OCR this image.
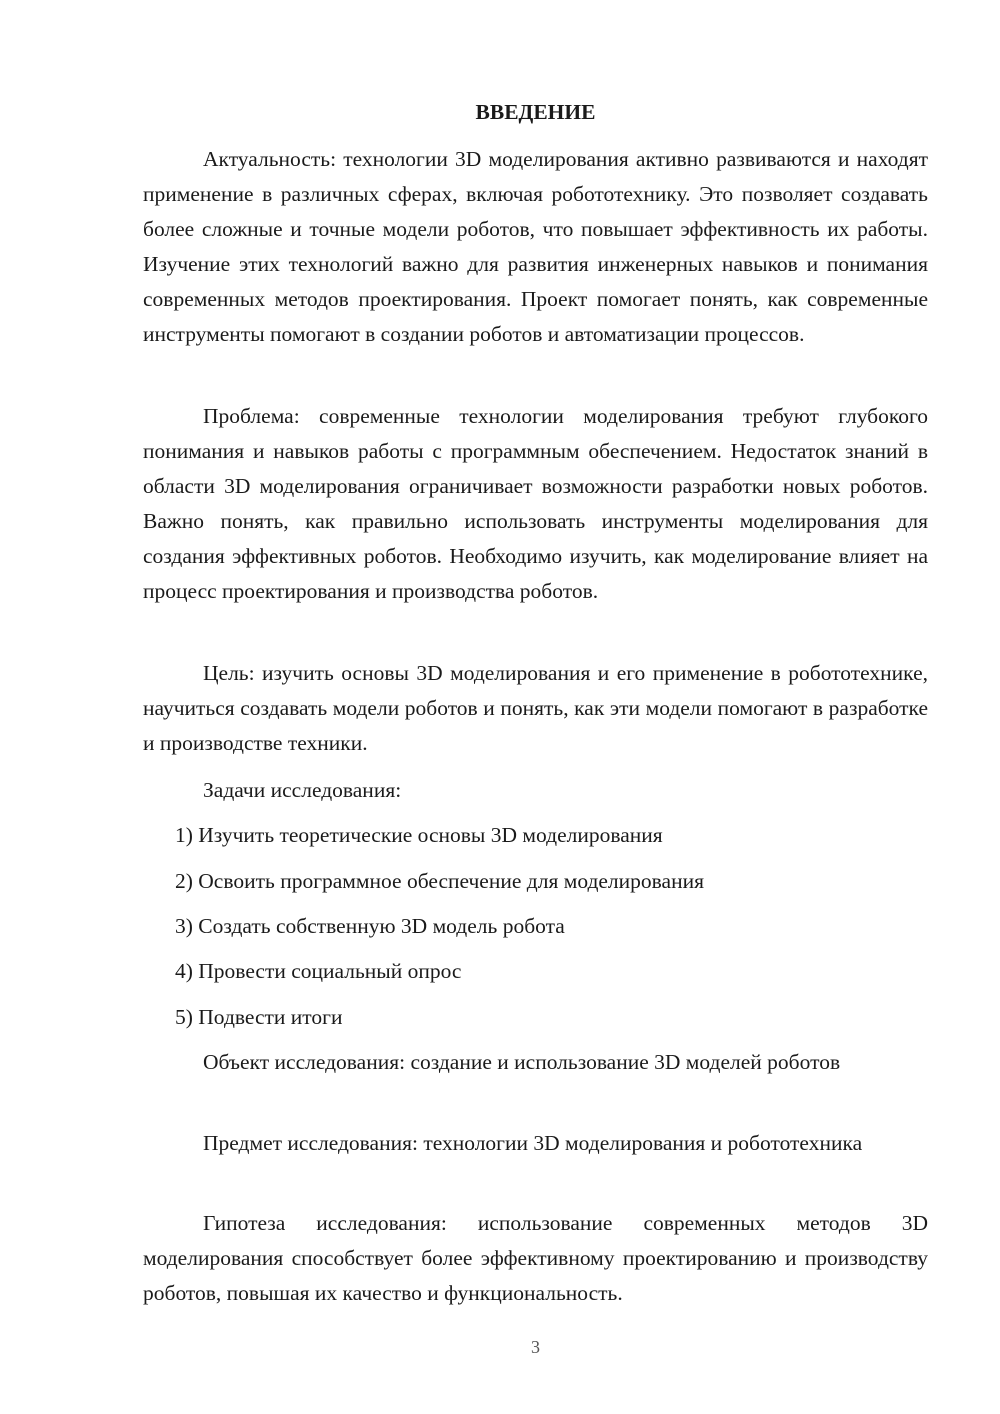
ВВЕДЕНИЕ
Актуальность: технологии 3D моделирования активно развиваются и находят применение в различных сферах, включая робототехнику. Это позволяет создавать более сложные и точные модели роботов, что повышает эффективность их работы. Изучение этих технологий важно для развития инженерных навыков и понимания современных методов проектирования. Проект помогает понять, как современные инструменты помогают в создании роботов и автоматизации процессов.
Проблема: современные технологии моделирования требуют глубокого понимания и навыков работы с программным обеспечением. Недостаток знаний в области 3D моделирования ограничивает возможности разработки новых роботов. Важно понять, как правильно использовать инструменты моделирования для создания эффективных роботов. Необходимо изучить, как моделирование влияет на процесс проектирования и производства роботов.
Цель: изучить основы 3D моделирования и его применение в робототехнике, научиться создавать модели роботов и понять, как эти модели помогают в разработке и производстве техники.
Задачи исследования:
1) Изучить теоретические основы 3D моделирования
2) Освоить программное обеспечение для моделирования
3) Создать собственную 3D модель робота
4) Провести социальный опрос
5) Подвести итоги
Объект исследования: создание и использование 3D моделей роботов
Предмет исследования: технологии 3D моделирования и робототехника
Гипотеза исследования: использование современных методов 3D моделирования способствует более эффективному проектированию и производству роботов, повышая их качество и функциональность.
3
